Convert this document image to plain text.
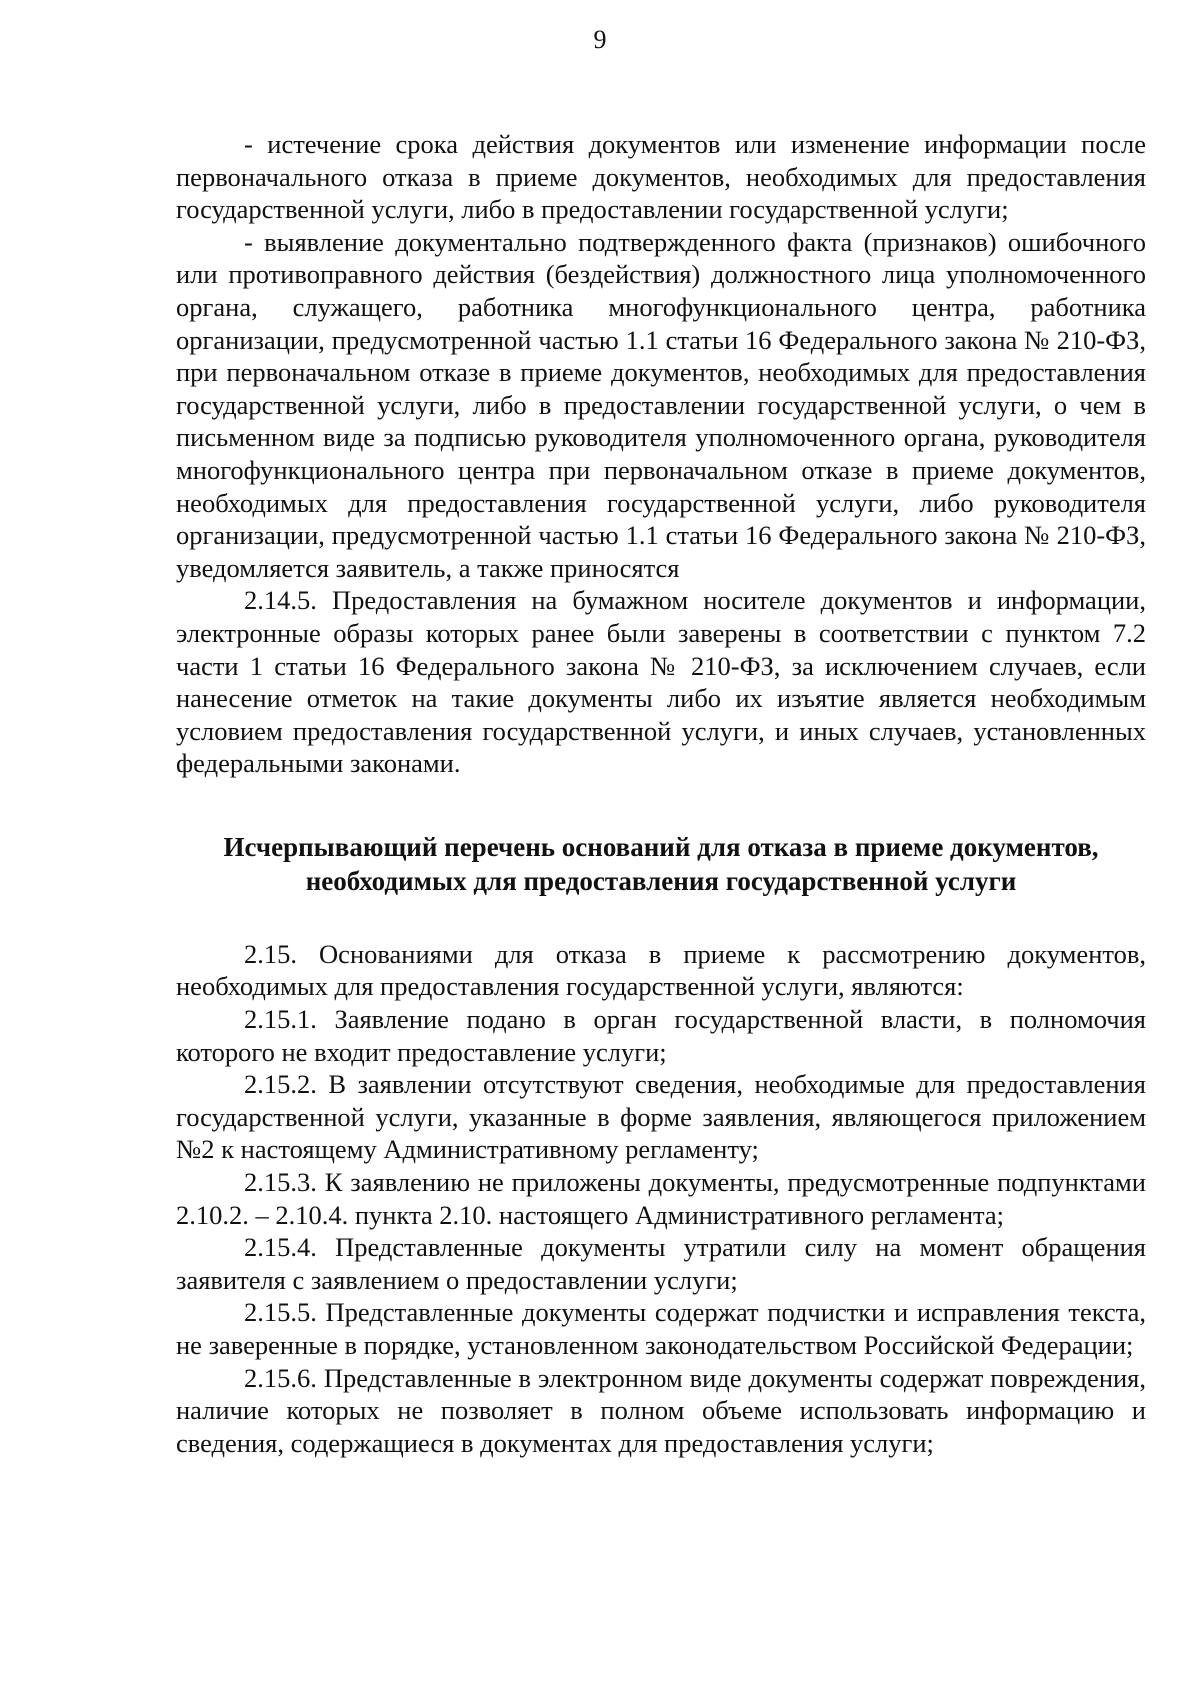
9

- истечение срока действия документов или изменение информации после первоначального отказа в приеме документов, необходимых для предоставления государственной услуги, либо в предоставлении государственной услуги;

- выявление документально подтвержденного факта (признаков) ошибочного или противоправного действия (бездействия) должностного лица уполномоченного органа, служащего, работника многофункционального центра, работника организации, предусмотренной частью 1.1 статьи 16 Федерального закона № 210-ФЗ, при первоначальном отказе в приеме документов, необходимых для предоставления государственной услуги, либо в предоставлении государственной услуги, о чем в письменном виде за подписью руководителя уполномоченного органа, руководителя многофункционального центра при первоначальном отказе в приеме документов, необходимых для предоставления государственной услуги, либо руководителя организации, предусмотренной частью 1.1 статьи 16 Федерального закона № 210-ФЗ, уведомляется заявитель, а также приносятся

2.14.5. Предоставления на бумажном носителе документов и информации, электронные образы которых ранее были заверены в соответствии с пунктом 7.2 части 1 статьи 16 Федерального закона № 210-ФЗ, за исключением случаев, если нанесение отметок на такие документы либо их изъятие является необходимым условием предоставления государственной услуги, и иных случаев, установленных федеральными законами.

Исчерпывающий перечень оснований для отказа в приеме документов,
необходимых для предоставления государственной услуги

2.15. Основаниями для отказа в приеме к рассмотрению документов, необходимых для предоставления государственной услуги, являются:

2.15.1. Заявление подано в орган государственной власти, в полномочия которого не входит предоставление услуги;

2.15.2. В заявлении отсутствуют сведения, необходимые для предоставления государственной услуги, указанные в форме заявления, являющегося приложением №2 к настоящему Административному регламенту;

2.15.3. К заявлению не приложены документы, предусмотренные подпунктами 2.10.2. – 2.10.4. пункта 2.10. настоящего Административного регламента;

2.15.4. Представленные документы утратили силу на момент обращения заявителя с заявлением о предоставлении услуги;

2.15.5. Представленные документы содержат подчистки и исправления текста, не заверенные в порядке, установленном законодательством Российской Федерации;

2.15.6. Представленные в электронном виде документы содержат повреждения, наличие которых не позволяет в полном объеме использовать информацию и сведения, содержащиеся в документах для предоставления услуги;
